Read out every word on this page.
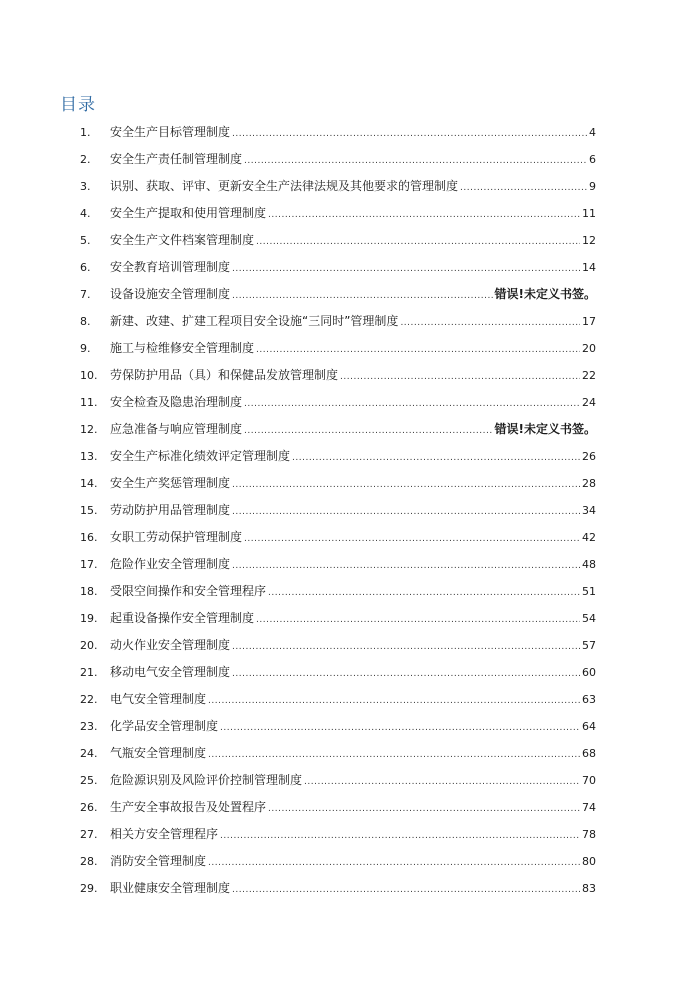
目录
1.	安全生产目标管理制度 .....	4
2.	安全生产责任制管理制度 .....	6
3.	识别、获取、评审、更新安全生产法律法规及其他要求的管理制度 .....	9
4.	安全生产提取和使用管理制度 .....	11
5.	安全生产文件档案管理制度 .....	12
6.	安全教育培训管理制度 .....	14
7.	设备设施安全管理制度 .....	错误!未定义书签。
8.	新建、改建、扩建工程项目安全设施“三同时”管理制度 .....	17
9.	施工与检维修安全管理制度 .....	20
10.	劳保防护用品（具）和保健品发放管理制度 .....	22
11.	安全检查及隐患治理制度 .....	24
12.	应急准备与响应管理制度 .....	错误!未定义书签。
13.	安全生产标准化绩效评定管理制度 .....	26
14.	安全生产奖惩管理制度 .....	28
15.	劳动防护用品管理制度 .....	34
16.	女职工劳动保护管理制度 .....	42
17.	危险作业安全管理制度 .....	48
18.	受限空间操作和安全管理程序 .....	51
19.	起重设备操作安全管理制度 .....	54
20.	动火作业安全管理制度 .....	57
21.	移动电气安全管理制度 .....	60
22.	电气安全管理制度 .....	63
23.	化学品安全管理制度 .....	64
24.	气瓶安全管理制度 .....	68
25.	危险源识别及风险评价控制管理制度 .....	70
26.	生产安全事故报告及处置程序 .....	74
27.	相关方安全管理程序 .....	78
28.	消防安全管理制度 .....	80
29.	职业健康安全管理制度 .....	83
